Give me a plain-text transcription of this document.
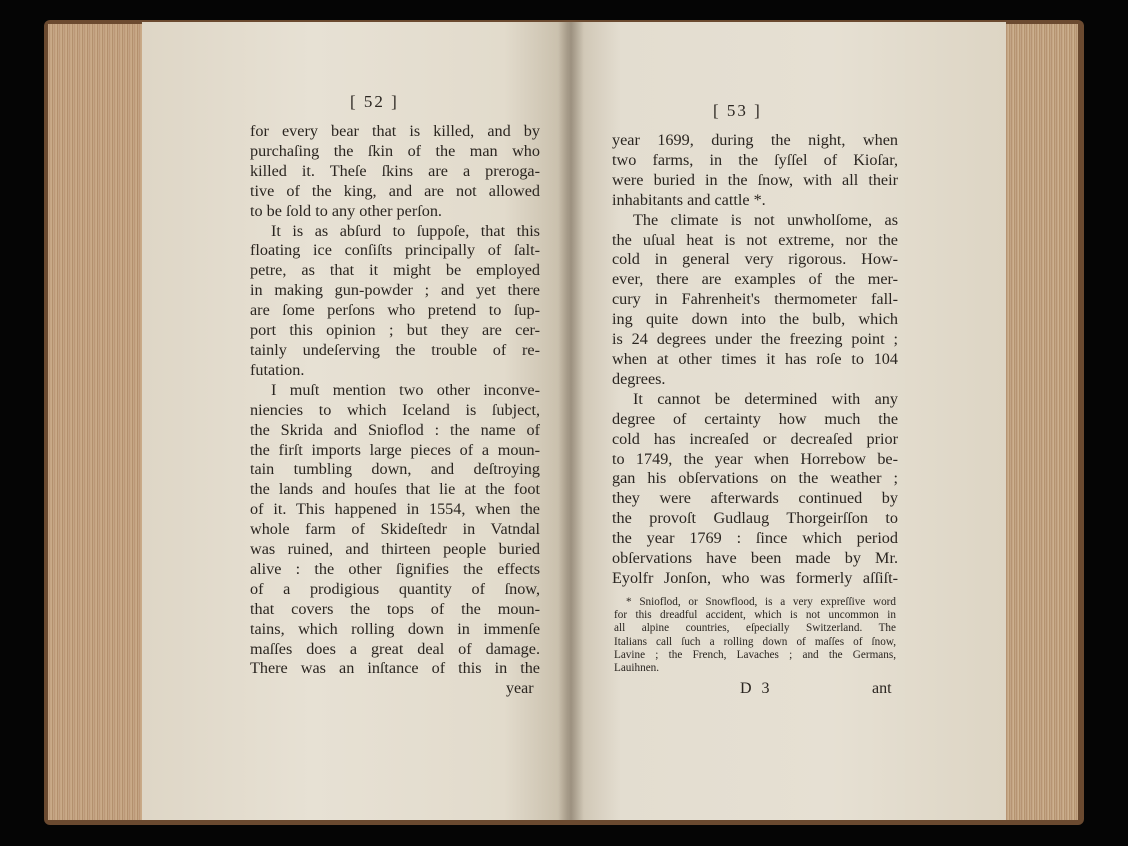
[ 52 ]
for every bear that is killed, and by
purchaſing the ſkin of the man who
killed it. Theſe ſkins are a preroga-
tive of the king, and are not allowed
to be ſold to any other perſon.
It is as abſurd to ſuppoſe, that this
floating ice conſiſts principally of ſalt-
petre, as that it might be employed
in making gun-powder ; and yet there
are ſome perſons who pretend to ſup-
port this opinion ; but they are cer-
tainly undeſerving the trouble of re-
futation.
I muſt mention two other inconve-
niencies to which Iceland is ſubject,
the Skrida and Snioflod : the name of
the firſt imports large pieces of a moun-
tain tumbling down, and deſtroying
the lands and houſes that lie at the foot
of it. This happened in 1554, when the
whole farm of Skideſtedr in Vatndal
was ruined, and thirteen people buried
alive : the other ſignifies the effects
of a prodigious quantity of ſnow,
that covers the tops of the moun-
tains, which rolling down in immenſe
maſſes does a great deal of damage.
There was an inſtance of this in the
year
[ 53 ]
year 1699, during the night, when
two farms, in the ſyſſel of Kioſar,
were buried in the ſnow, with all their
inhabitants and cattle *.
The climate is not unwholſome, as
the uſual heat is not extreme, nor the
cold in general very rigorous. How-
ever, there are examples of the mer-
cury in Fahrenheit's thermometer fall-
ing quite down into the bulb, which
is 24 degrees under the freezing point ;
when at other times it has roſe to 104
degrees.
It cannot be determined with any
degree of certainty how much the
cold has increaſed or decreaſed prior
to 1749, the year when Horrebow be-
gan his obſervations on the weather ;
they were afterwards continued by
the provoſt Gudlaug Thorgeirſſon to
the year 1769 : ſince which period
obſervations have been made by Mr.
Eyolfr Jonſon, who was formerly aſſiſt-
* Snioflod, or Snowflood, is a very expreſſive word
for this dreadful accident, which is not uncommon in
all alpine countries, eſpecially Switzerland. The
Italians call ſuch a rolling down of maſſes of ſnow,
Lavine ; the French, Lavaches ; and the Germans,
Lauihnen.
D 3	ant
